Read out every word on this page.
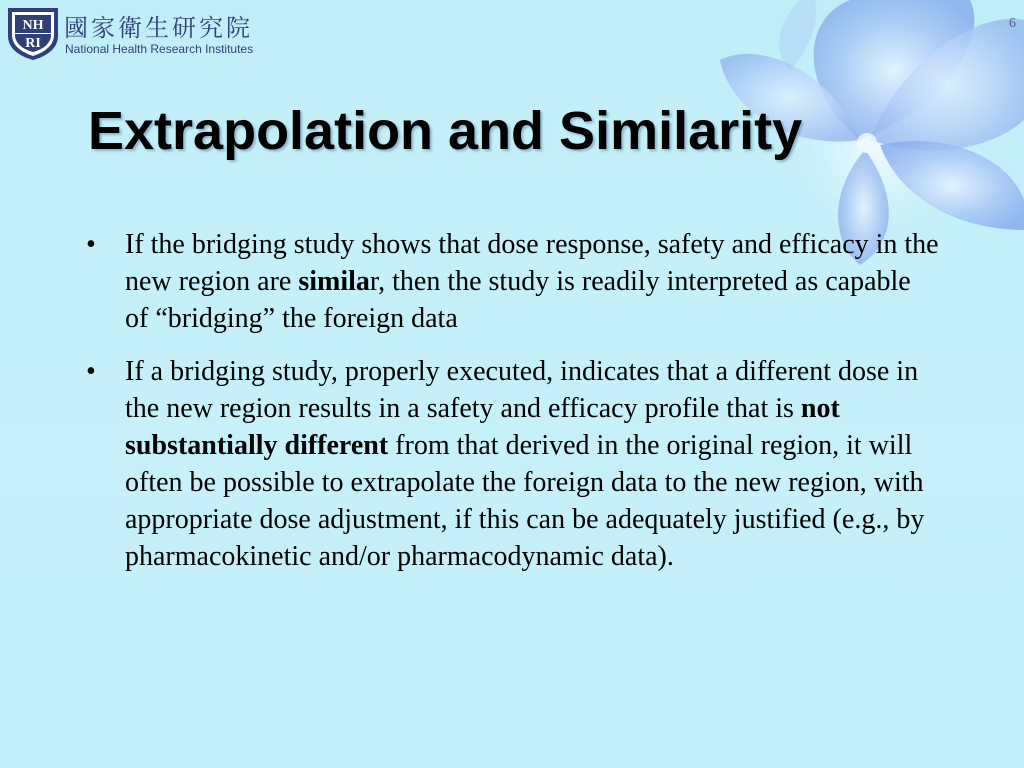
NH
RI
國家衛生研究院
National Health Research Institutes
6
Extrapolation and Similarity
• If the bridging study shows that dose response, safety and efficacy in the new region are similar, then the study is readily interpreted as capable of “bridging” the foreign data
• If a bridging study, properly executed, indicates that a different dose in the new region results in a safety and efficacy profile that is not substantially different from that derived in the original region, it will often be possible to extrapolate the foreign data to the new region, with appropriate dose adjustment, if this can be adequately justified (e.g., by pharmacokinetic and/or pharmacodynamic data).
